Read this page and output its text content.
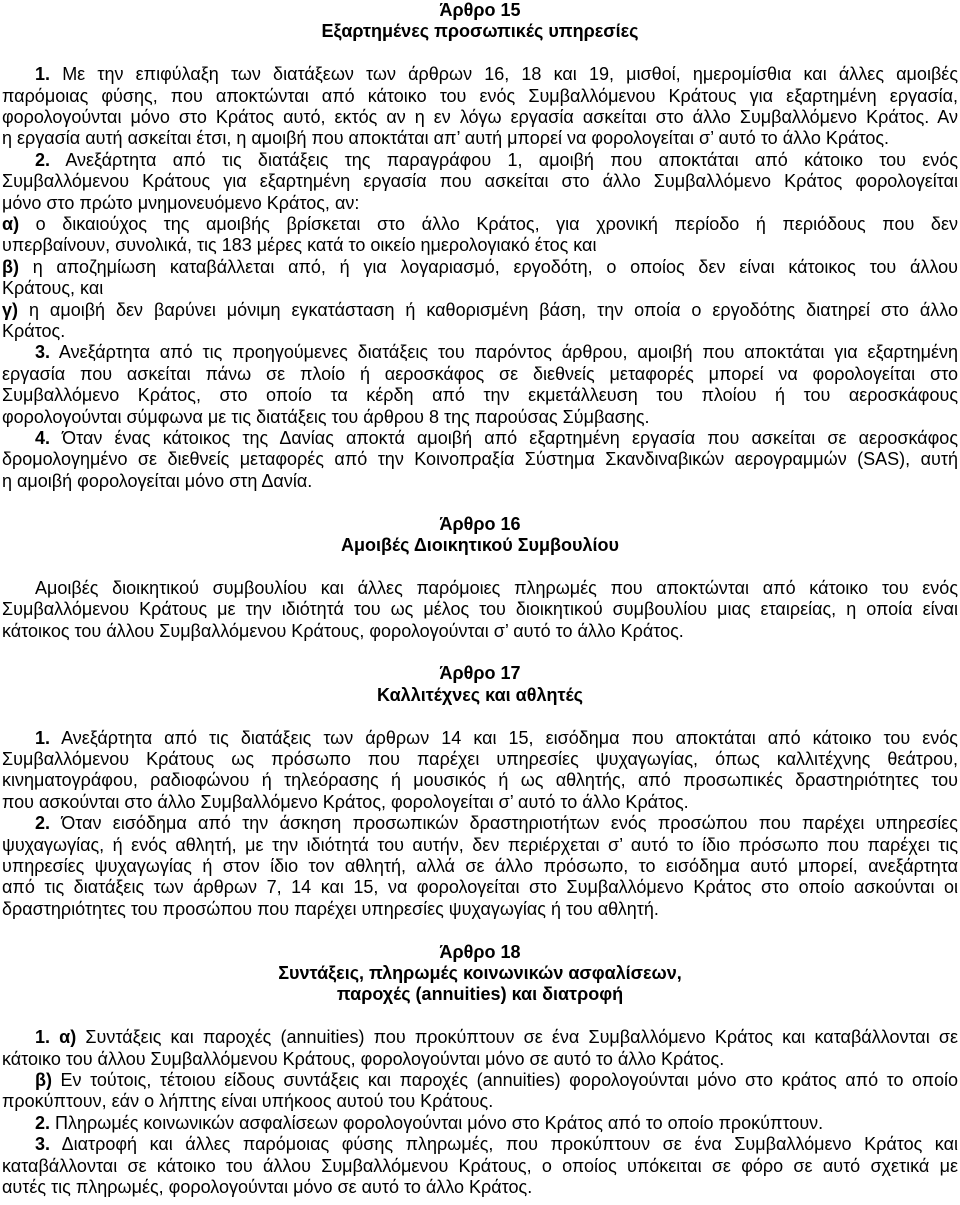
Άρθρο 15
Εξαρτημένες προσωπικές υπηρεσίες
1. Με την επιφύλαξη των διατάξεων των άρθρων 16, 18 και 19, μισθοί, ημερομίσθια και άλλες αμοιβές
παρόμοιας φύσης, που αποκτώνται από κάτοικο του ενός Συμβαλλόμενου Κράτους για εξαρτημένη εργασία,
φορολογούνται μόνο στο Κράτος αυτό, εκτός αν η εν λόγω εργασία ασκείται στο άλλο Συμβαλλόμενο Κράτος. Αν
η εργασία αυτή ασκείται έτσι, η αμοιβή που αποκτάται απ’ αυτή μπορεί να φορολογείται σ’ αυτό το άλλο Κράτος.
2. Ανεξάρτητα από τις διατάξεις της παραγράφου 1, αμοιβή που αποκτάται από κάτοικο του ενός
Συμβαλλόμενου Κράτους για εξαρτημένη εργασία που ασκείται στο άλλο Συμβαλλόμενο Κράτος φορολογείται
μόνο στο πρώτο μνημονευόμενο Κράτος, αν:
α) ο δικαιούχος της αμοιβής βρίσκεται στο άλλο Κράτος, για χρονική περίοδο ή περιόδους που δεν
υπερβαίνουν, συνολικά, τις 183 μέρες κατά το οικείο ημερολογιακό έτος και
β) η αποζημίωση καταβάλλεται από, ή για λογαριασμό, εργοδότη, ο οποίος δεν είναι κάτοικος του άλλου
Κράτους, και
γ) η αμοιβή δεν βαρύνει μόνιμη εγκατάσταση ή καθορισμένη βάση, την οποία ο εργοδότης διατηρεί στο άλλο
Κράτος.
3. Ανεξάρτητα από τις προηγούμενες διατάξεις του παρόντος άρθρου, αμοιβή που αποκτάται για εξαρτημένη
εργασία που ασκείται πάνω σε πλοίο ή αεροσκάφος σε διεθνείς μεταφορές μπορεί να φορολογείται στο
Συμβαλλόμενο Κράτος, στο οποίο τα κέρδη από την εκμετάλλευση του πλοίου ή του αεροσκάφους
φορολογούνται σύμφωνα με τις διατάξεις του άρθρου 8 της παρούσας Σύμβασης.
4. Όταν ένας κάτοικος της Δανίας αποκτά αμοιβή από εξαρτημένη εργασία που ασκείται σε αεροσκάφος
δρομολογημένο σε διεθνείς μεταφορές από την Κοινοπραξία Σύστημα Σκανδιναβικών αερογραμμών (SAS), αυτή
η αμοιβή φορολογείται μόνο στη Δανία.
Άρθρο 16
Αμοιβές Διοικητικού Συμβουλίου
Αμοιβές διοικητικού συμβουλίου και άλλες παρόμοιες πληρωμές που αποκτώνται από κάτοικο του ενός
Συμβαλλόμενου Κράτους με την ιδιότητά του ως μέλος του διοικητικού συμβουλίου μιας εταιρείας, η οποία είναι
κάτοικος του άλλου Συμβαλλόμενου Κράτους, φορολογούνται σ’ αυτό το άλλο Κράτος.
Άρθρο 17
Καλλιτέχνες και αθλητές
1. Ανεξάρτητα από τις διατάξεις των άρθρων 14 και 15, εισόδημα που αποκτάται από κάτοικο του ενός
Συμβαλλόμενου Κράτους ως πρόσωπο που παρέχει υπηρεσίες ψυχαγωγίας, όπως καλλιτέχνης θεάτρου,
κινηματογράφου, ραδιοφώνου ή τηλεόρασης ή μουσικός ή ως αθλητής, από προσωπικές δραστηριότητες του
που ασκούνται στο άλλο Συμβαλλόμενο Κράτος, φορολογείται σ’ αυτό το άλλο Κράτος.
2. Όταν εισόδημα από την άσκηση προσωπικών δραστηριοτήτων ενός προσώπου που παρέχει υπηρεσίες
ψυχαγωγίας, ή ενός αθλητή, με την ιδιότητά του αυτήν, δεν περιέρχεται σ’ αυτό το ίδιο πρόσωπο που παρέχει τις
υπηρεσίες ψυχαγωγίας ή στον ίδιο τον αθλητή, αλλά σε άλλο πρόσωπο, το εισόδημα αυτό μπορεί, ανεξάρτητα
από τις διατάξεις των άρθρων 7, 14 και 15, να φορολογείται στο Συμβαλλόμενο Κράτος στο οποίο ασκούνται οι
δραστηριότητες του προσώπου που παρέχει υπηρεσίες ψυχαγωγίας ή του αθλητή.
Άρθρο 18
Συντάξεις, πληρωμές κοινωνικών ασφαλίσεων,
παροχές (annuities) και διατροφή
1. α) Συντάξεις και παροχές (annuities) που προκύπτουν σε ένα Συμβαλλόμενο Κράτος και καταβάλλονται σε
κάτοικο του άλλου Συμβαλλόμενου Κράτους, φορολογούνται μόνο σε αυτό το άλλο Κράτος.
β) Εν τούτοις, τέτοιου είδους συντάξεις και παροχές (annuities) φορολογούνται μόνο στο κράτος από το οποίο
προκύπτουν, εάν ο λήπτης είναι υπήκοος αυτού του Κράτους.
2. Πληρωμές κοινωνικών ασφαλίσεων φορολογούνται μόνο στο Κράτος από το οποίο προκύπτουν.
3. Διατροφή και άλλες παρόμοιας φύσης πληρωμές, που προκύπτουν σε ένα Συμβαλλόμενο Κράτος και
καταβάλλονται σε κάτοικο του άλλου Συμβαλλόμενου Κράτους, ο οποίος υπόκειται σε φόρο σε αυτό σχετικά με
αυτές τις πληρωμές, φορολογούνται μόνο σε αυτό το άλλο Κράτος.
